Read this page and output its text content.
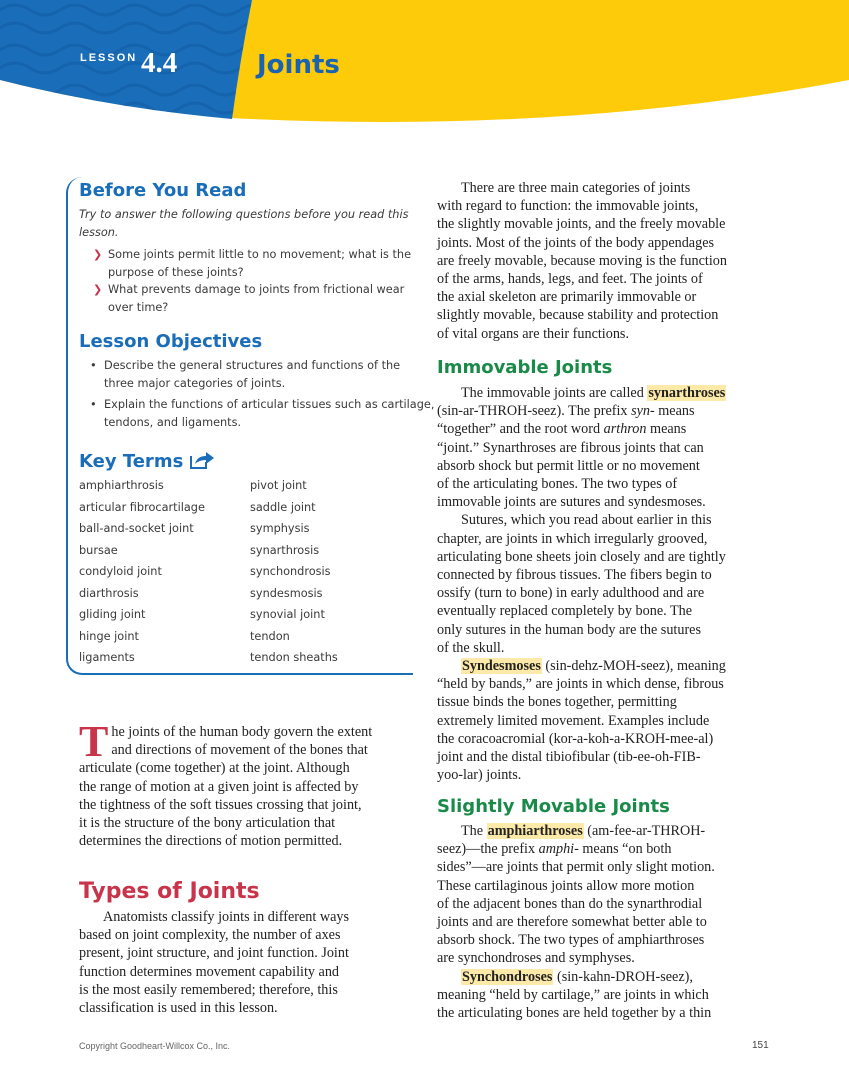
LESSON 4.4	Joints
Before You Read
Try to answer the following questions before you read this
lesson.
❯ Some joints permit little to no movement; what is the
purpose of these joints?
❯ What prevents damage to joints from frictional wear
over time?
Lesson Objectives
• Describe the general structures and functions of the
three major categories of joints.
• Explain the functions of articular tissues such as cartilage,
tendons, and ligaments.
Key Terms
amphiarthrosis
articular fibrocartilage
ball-and-socket joint
bursae
condyloid joint
diarthrosis
gliding joint
hinge joint
ligaments
pivot joint
saddle joint
symphysis
synarthrosis
synchondrosis
syndesmosis
synovial joint
tendon
tendon sheaths
T he joints of the human body govern the extent
and directions of movement of the bones that
articulate (come together) at the joint. Although
the range of motion at a given joint is affected by
the tightness of the soft tissues crossing that joint,
it is the structure of the bony articulation that
determines the directions of motion permitted.
Types of Joints
Anatomists classify joints in different ways
based on joint complexity, the number of axes
present, joint structure, and joint function. Joint
function determines movement capability and
is the most easily remembered; therefore, this
classification is used in this lesson.
There are three main categories of joints
with regard to function: the immovable joints,
the slightly movable joints, and the freely movable
joints. Most of the joints of the body appendages
are freely movable, because moving is the function
of the arms, hands, legs, and feet. The joints of
the axial skeleton are primarily immovable or
slightly movable, because stability and protection
of vital organs are their functions.
Immovable Joints
The immovable joints are called synarthroses
(sin-ar-THROH-seez). The prefix syn- means
“together” and the root word arthron means
“joint.” Synarthroses are fibrous joints that can
absorb shock but permit little or no movement
of the articulating bones. The two types of
immovable joints are sutures and syndesmoses.
Sutures, which you read about earlier in this
chapter, are joints in which irregularly grooved,
articulating bone sheets join closely and are tightly
connected by fibrous tissues. The fibers begin to
ossify (turn to bone) in early adulthood and are
eventually replaced completely by bone. The
only sutures in the human body are the sutures
of the skull.
Syndesmoses (sin-dehz-MOH-seez), meaning
“held by bands,” are joints in which dense, fibrous
tissue binds the bones together, permitting
extremely limited movement. Examples include
the coracoacromial (kor-a-koh-a-KROH-mee-al)
joint and the distal tibiofibular (tib-ee-oh-FIB-
yoo-lar) joints.
Slightly Movable Joints
The amphiarthroses (am-fee-ar-THROH-
seez)—the prefix amphi- means “on both
sides”—are joints that permit only slight motion.
These cartilaginous joints allow more motion
of the adjacent bones than do the synarthrodial
joints and are therefore somewhat better able to
absorb shock. The two types of amphiarthroses
are synchondroses and symphyses.
Synchondroses (sin-kahn-DROH-seez),
meaning “held by cartilage,” are joints in which
the articulating bones are held together by a thin
Copyright Goodheart-Willcox Co., Inc.	151
